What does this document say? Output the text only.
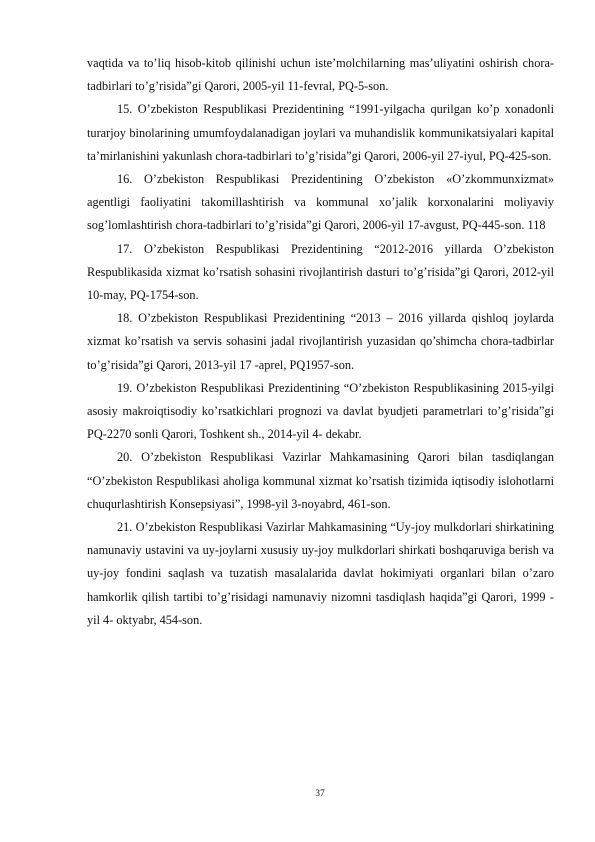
vaqtida va to’liq hisob-kitob qilinishi uchun iste’molchilarning mas’uliyatini oshirish chora-tadbirlari to’g’risida”gi Qarori, 2005-yil 11-fevral, PQ-5-son.

15. O’zbekiston Respublikasi Prezidentining “1991-yilgacha qurilgan ko’p xonadonli turarjoy binolarining umumfoydalanadigan joylari va muhandislik kommunikatsiyalari kapital ta’mirlanishini yakunlash chora-tadbirlari to’g’risida”gi Qarori, 2006-yil 27-iyul, PQ-425-son.

16. O’zbekiston Respublikasi Prezidentining O’zbekiston «O’zkommunxizmat» agentligi faoliyatini takomillashtirish va kommunal xo’jalik korxonalarini moliyaviy sog’lomlashtirish chora-tadbirlari to’g’risida”gi Qarori, 2006-yil 17-avgust, PQ-445-son. 118

17. O’zbekiston Respublikasi Prezidentining “2012-2016 yillarda O’zbekiston Respublikasida xizmat ko’rsatish sohasini rivojlantirish dasturi to’g’risida”gi Qarori, 2012-yil 10-may, PQ-1754-son.

18. O’zbekiston Respublikasi Prezidentining “2013 – 2016 yillarda qishloq joylarda xizmat ko’rsatish va servis sohasini jadal rivojlantirish yuzasidan qo’shimcha chora-tadbirlar to’g’risida”gi Qarori, 2013-yil 17 -aprel, PQ1957-son.

19. O’zbekiston Respublikasi Prezidentining “O’zbekiston Respublikasining 2015-yilgi asosiy makroiqtisodiy ko’rsatkichlari prognozi va davlat byudjeti parametrlari to’g’risida”gi PQ-2270 sonli Qarori, Toshkent sh., 2014-yil 4- dekabr.

20. O’zbekiston Respublikasi Vazirlar Mahkamasining Qarori bilan tasdiqlangan “O’zbekiston Respublikasi aholiga kommunal xizmat ko’rsatish tizimida iqtisodiy islohotlarni chuqurlashtirish Konsepsiyasi”, 1998-yil 3-noyabrd, 461-son.

21. O’zbekiston Respublikasi Vazirlar Mahkamasining “Uy-joy mulkdorlari shirkatining namunaviy ustavini va uy-joylarni xususiy uy-joy mulkdorlari shirkati boshqaruviga berish va uy-joy fondini saqlash va tuzatish masalalarida davlat hokimiyati organlari bilan o’zaro hamkorlik qilish tartibi to’g’risidagi namunaviy nizomni tasdiqlash haqida”gi Qarori, 1999 -yil 4- oktyabr, 454-son.

37
